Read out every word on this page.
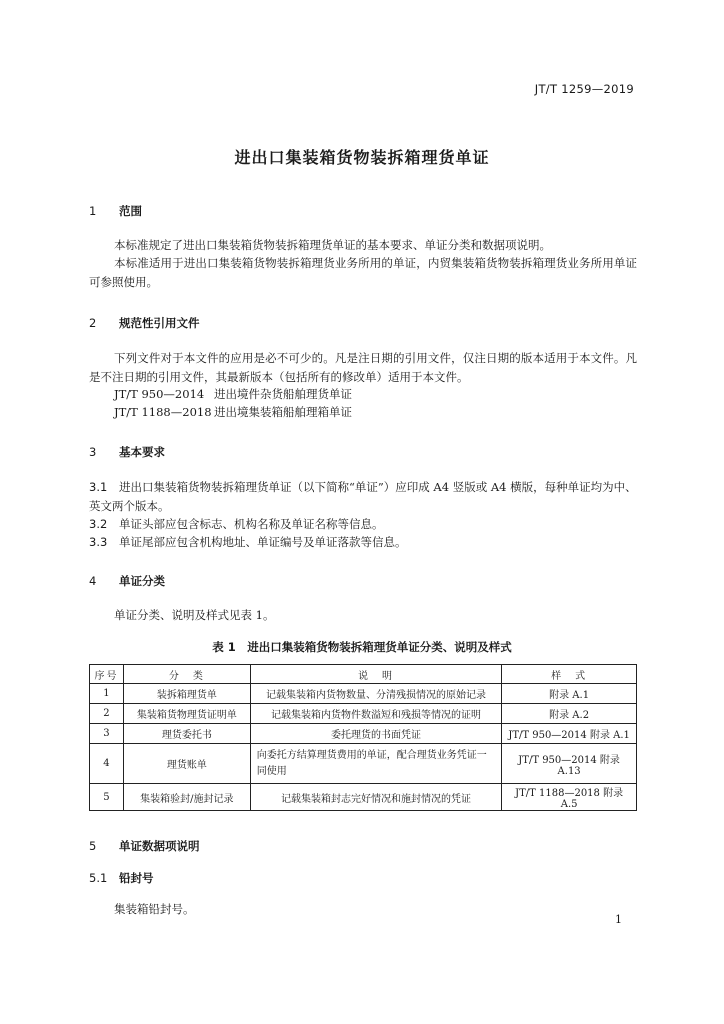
JT/T 1259—2019
进出口集装箱货物装拆箱理货单证
1 范围
本标准规定了进出口集装箱货物装拆箱理货单证的基本要求、单证分类和数据项说明。
本标准适用于进出口集装箱货物装拆箱理货业务所用的单证，内贸集装箱货物装拆箱理货业务所用单证可参照使用。
2 规范性引用文件
下列文件对于本文件的应用是必不可少的。凡是注日期的引用文件，仅注日期的版本适用于本文件。凡是不注日期的引用文件，其最新版本（包括所有的修改单）适用于本文件。
JT/T 950—2014 进出境件杂货船舶理货单证
JT/T 1188—2018 进出境集装箱船舶理箱单证
3 基本要求
3.1 进出口集装箱货物装拆箱理货单证（以下简称“单证”）应印成 A4 竖版或 A4 横版，每种单证均为中、英文两个版本。
3.2 单证头部应包含标志、机构名称及单证名称等信息。
3.3 单证尾部应包含机构地址、单证编号及单证落款等信息。
4 单证分类
单证分类、说明及样式见表 1。
表 1　进出口集装箱货物装拆箱理货单证分类、说明及样式
序号	分　类	说　明	样　式
1	装拆箱理货单	记载集装箱内货物数量、分清残损情况的原始记录	附录 A.1
2	集装箱货物理货证明单	记载集装箱内货物件数溢短和残损等情况的证明	附录 A.2
3	理货委托书	委托理货的书面凭证	JT/T 950—2014 附录 A.1
4	理货账单	向委托方结算理货费用的单证，配合理货业务凭证一同使用	JT/T 950—2014 附录 A.13
5	集装箱验封/施封记录	记载集装箱封志完好情况和施封情况的凭证	JT/T 1188—2018 附录 A.5
5 单证数据项说明
5.1 铅封号
集装箱铅封号。
1
